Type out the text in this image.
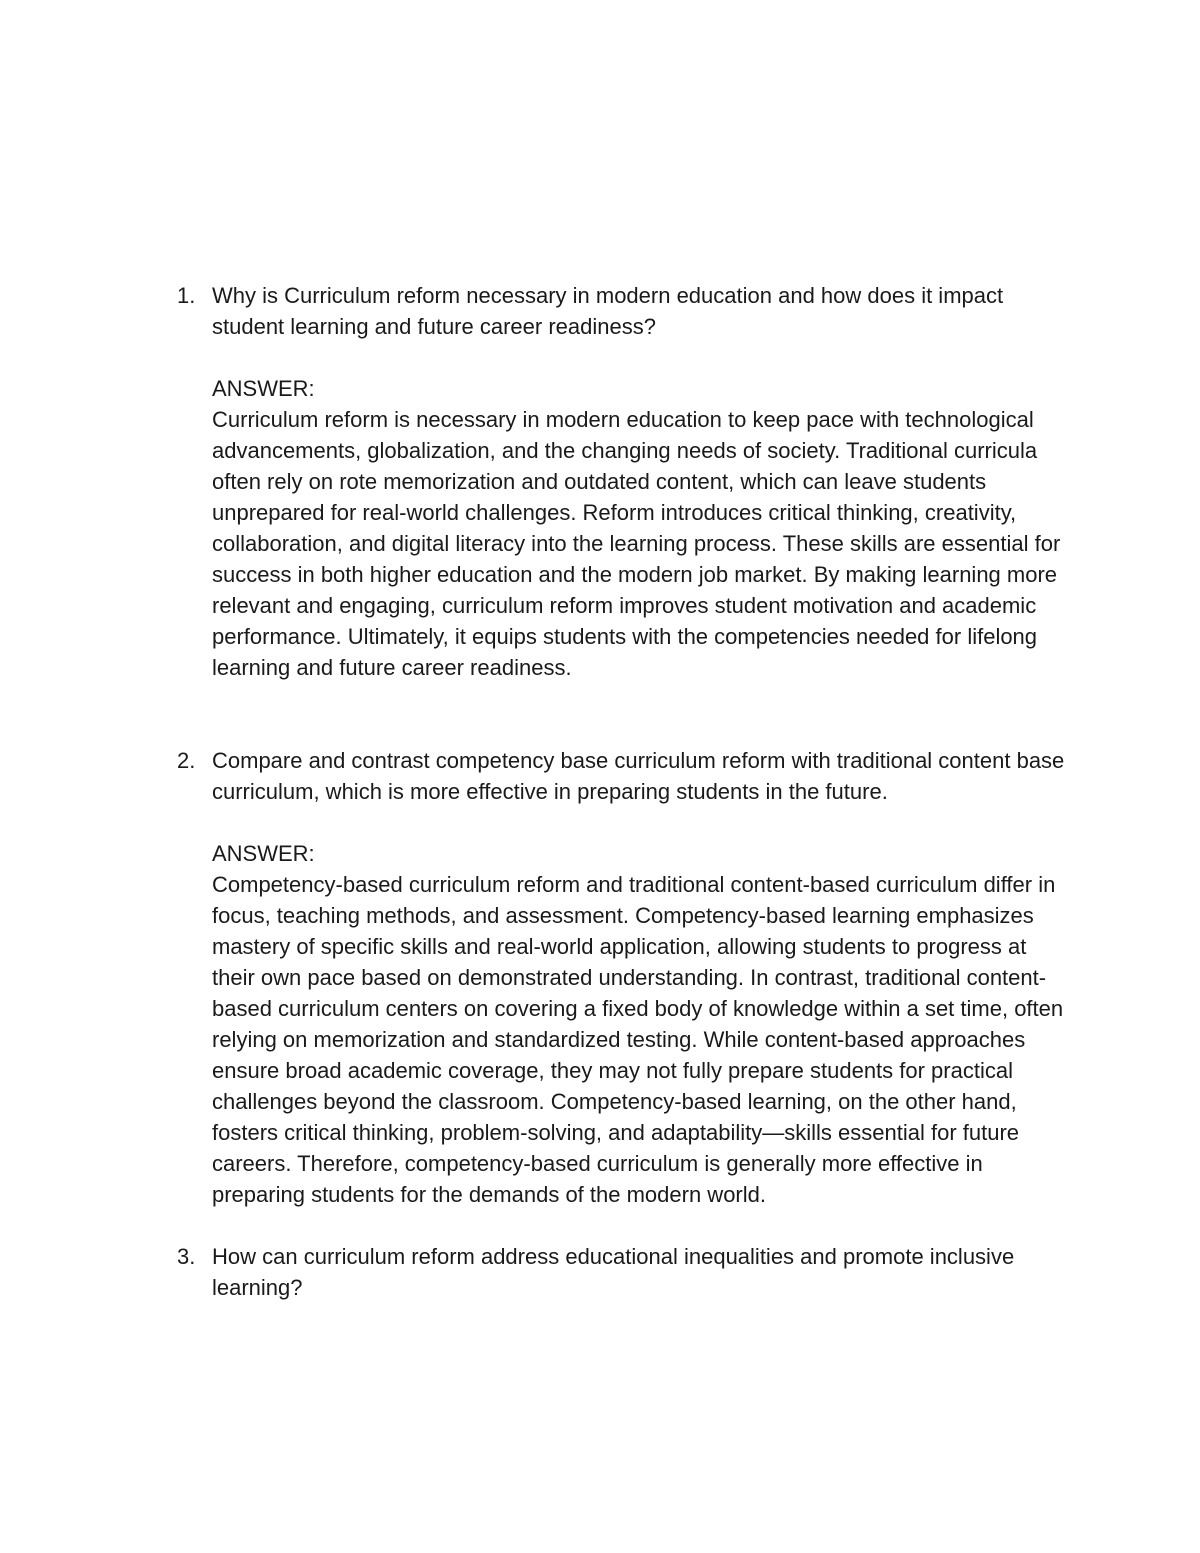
1. Why is Curriculum reform necessary in modern education and how does it impact student learning and future career readiness?

ANSWER:

Curriculum reform is necessary in modern education to keep pace with technological advancements, globalization, and the changing needs of society. Traditional curricula often rely on rote memorization and outdated content, which can leave students unprepared for real-world challenges. Reform introduces critical thinking, creativity, collaboration, and digital literacy into the learning process. These skills are essential for success in both higher education and the modern job market. By making learning more relevant and engaging, curriculum reform improves student motivation and academic performance. Ultimately, it equips students with the competencies needed for lifelong learning and future career readiness.

2. Compare and contrast competency base curriculum reform with traditional content base curriculum, which is more effective in preparing students in the future.

ANSWER:

Competency-based curriculum reform and traditional content-based curriculum differ in focus, teaching methods, and assessment. Competency-based learning emphasizes mastery of specific skills and real-world application, allowing students to progress at their own pace based on demonstrated understanding. In contrast, traditional content-based curriculum centers on covering a fixed body of knowledge within a set time, often relying on memorization and standardized testing. While content-based approaches ensure broad academic coverage, they may not fully prepare students for practical challenges beyond the classroom. Competency-based learning, on the other hand, fosters critical thinking, problem-solving, and adaptability—skills essential for future careers. Therefore, competency-based curriculum is generally more effective in preparing students for the demands of the modern world.

3. How can curriculum reform address educational inequalities and promote inclusive learning?
